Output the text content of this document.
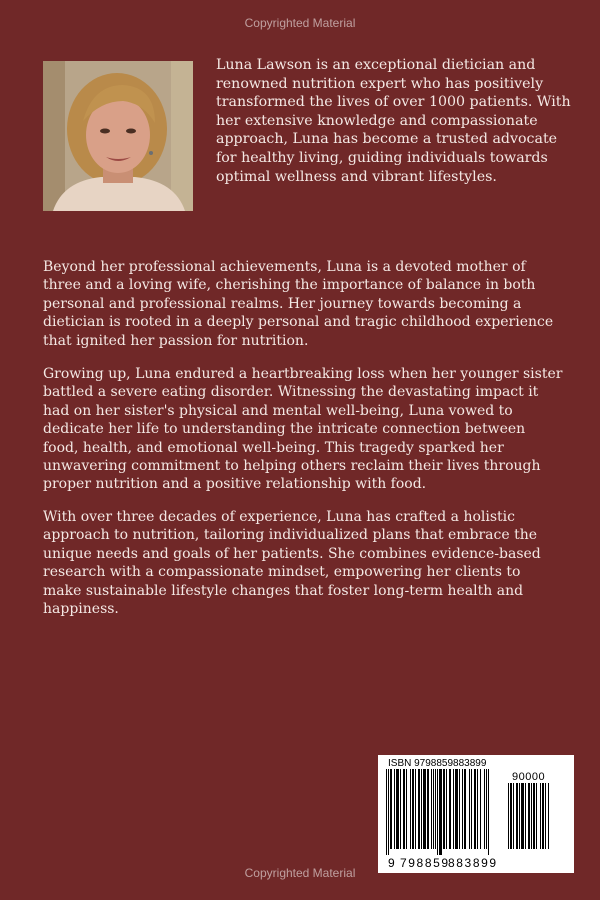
Copyrighted Material

Luna Lawson is an exceptional dietician and renowned nutrition expert who has positively transformed the lives of over 1000 patients. With her extensive knowledge and compassionate approach, Luna has become a trusted advocate for healthy living, guiding individuals towards optimal wellness and vibrant lifestyles.

Beyond her professional achievements, Luna is a devoted mother of three and a loving wife, cherishing the importance of balance in both personal and professional realms. Her journey towards becoming a dietician is rooted in a deeply personal and tragic childhood experience that ignited her passion for nutrition.

Growing up, Luna endured a heartbreaking loss when her younger sister battled a severe eating disorder. Witnessing the devastating impact it had on her sister's physical and mental well-being, Luna vowed to dedicate her life to understanding the intricate connection between food, health, and emotional well-being. This tragedy sparked her unwavering commitment to helping others reclaim their lives through proper nutrition and a positive relationship with food.

With over three decades of experience, Luna has crafted a holistic approach to nutrition, tailoring individualized plans that embrace the unique needs and goals of her patients. She combines evidence-based research with a compassionate mindset, empowering her clients to make sustainable lifestyle changes that foster long-term health and happiness.

ISBN 9798859883899
90000
9 798859
883899
Copyrighted Material
